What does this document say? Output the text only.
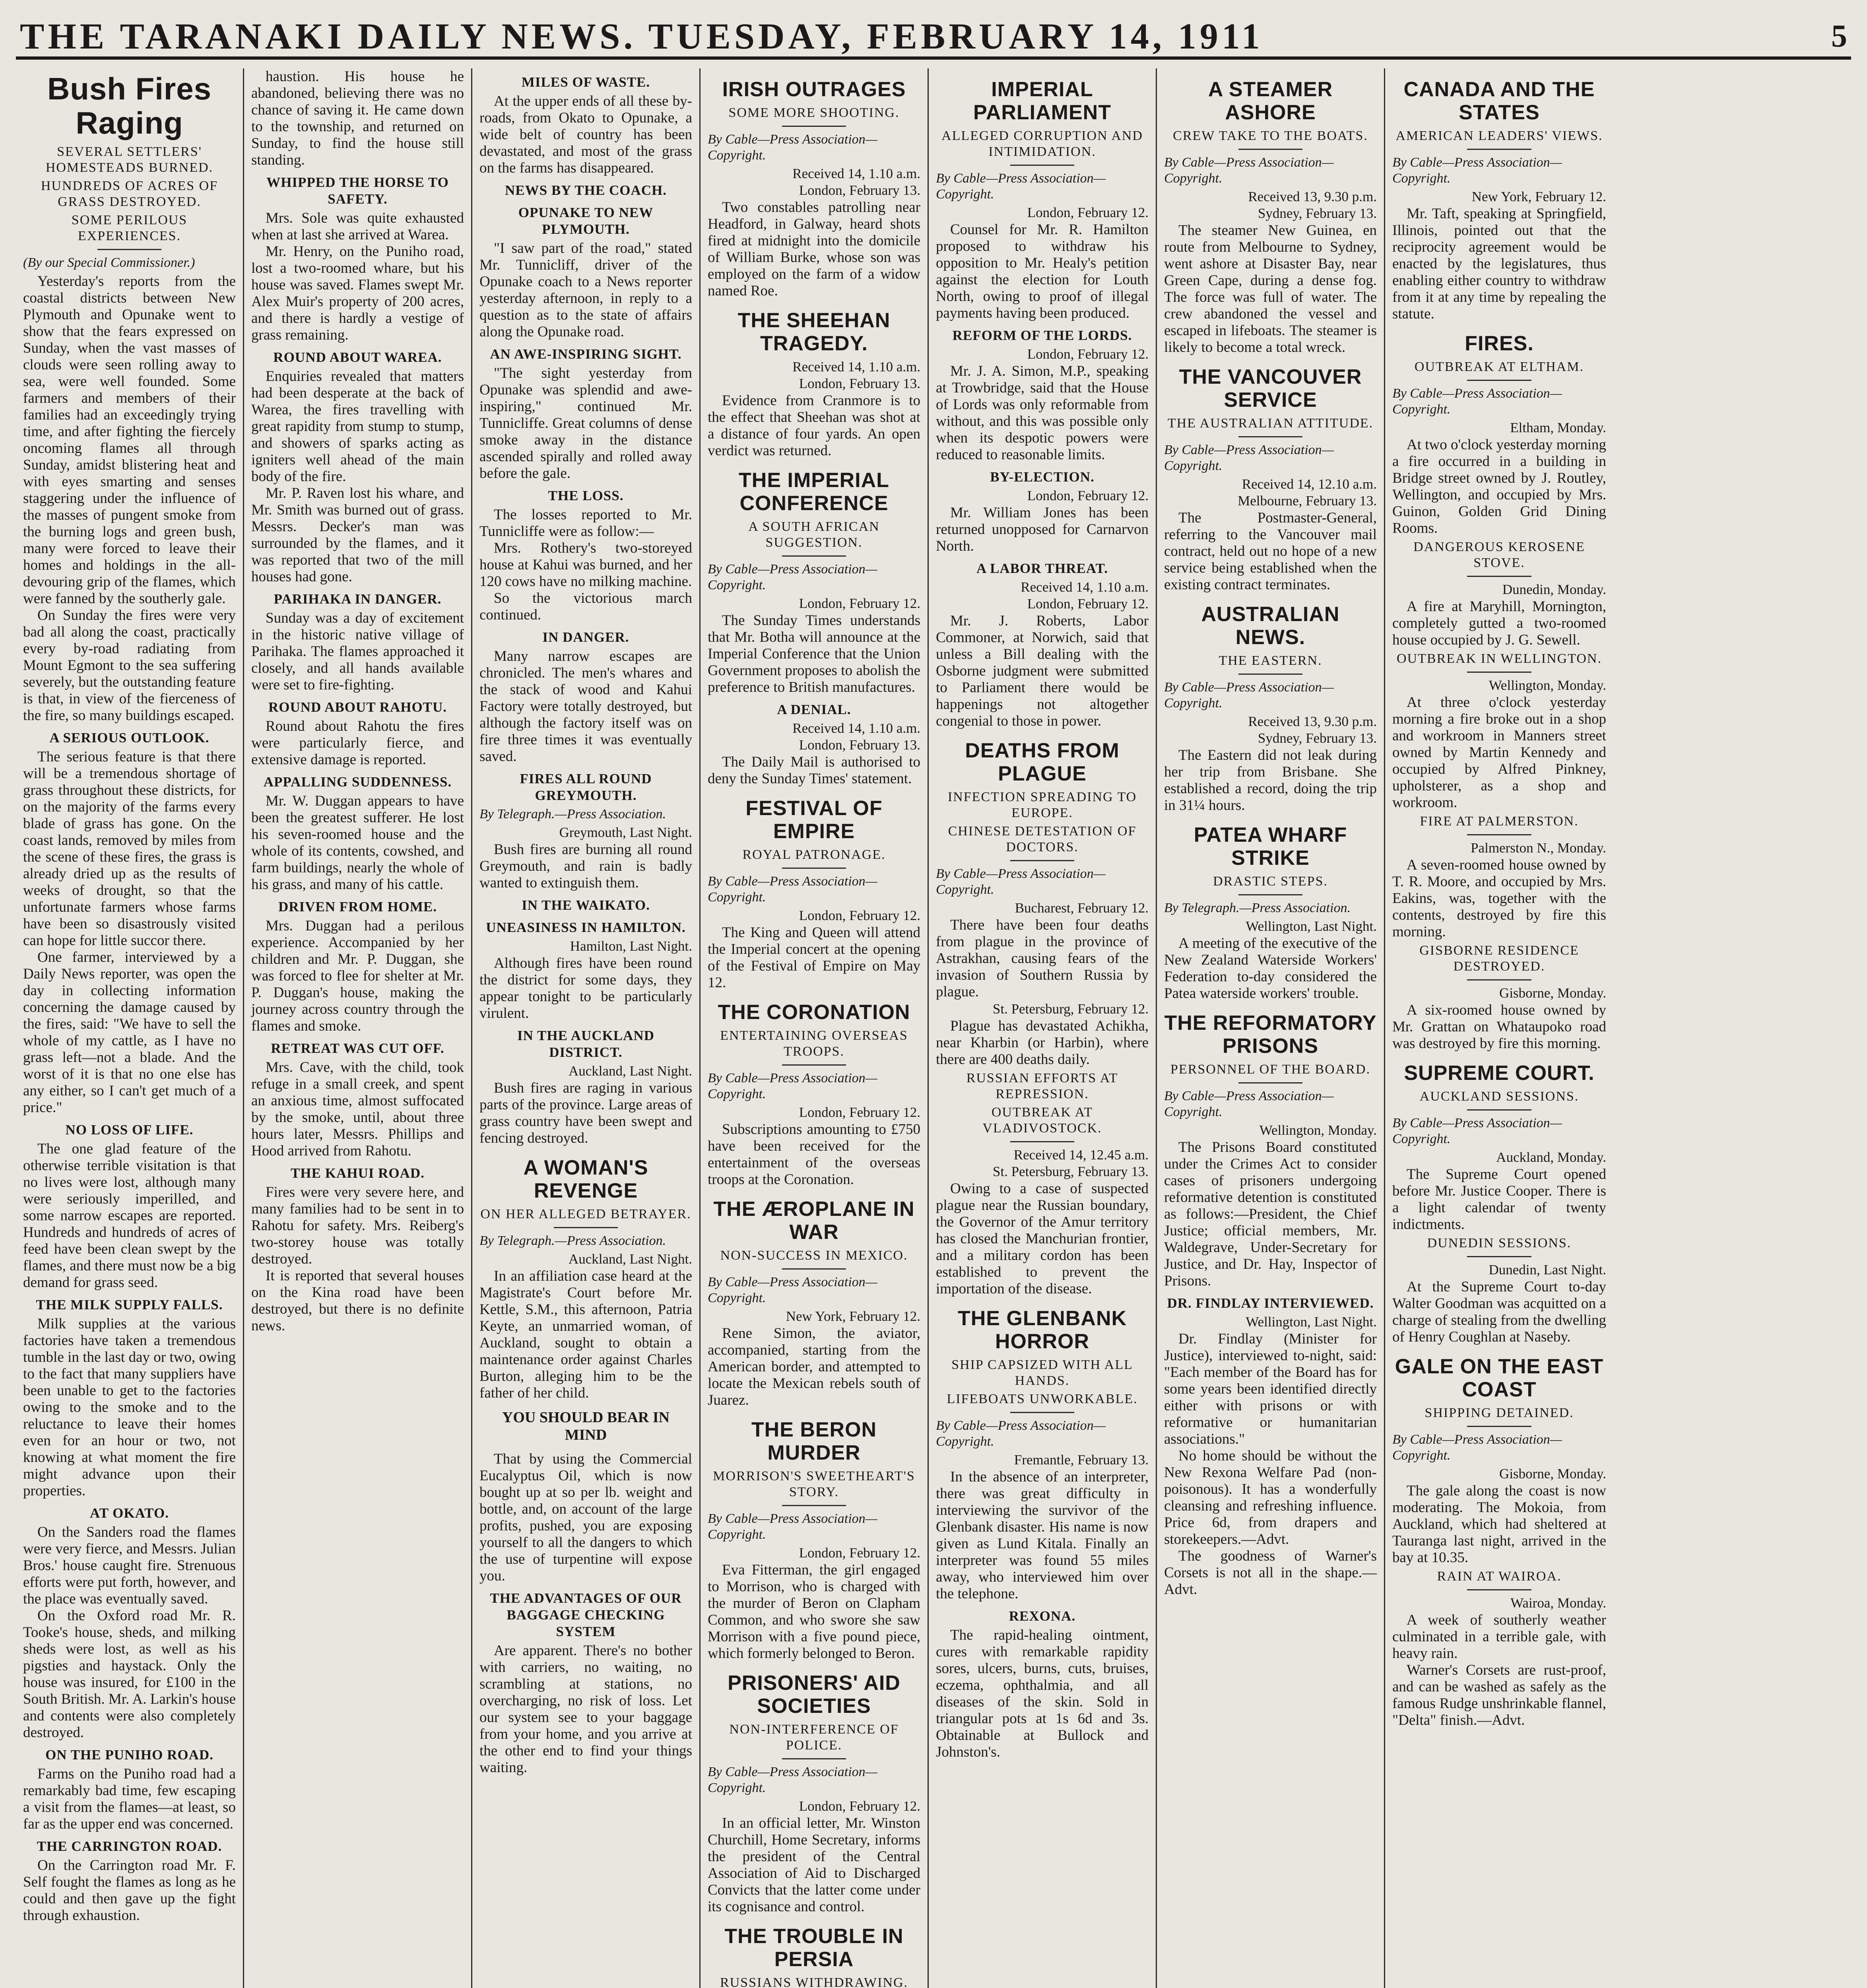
THE TARANAKI DAILY NEWS. TUESDAY, FEBRUARY 14, 1911	5
Bush Fires Raging
SEVERAL SETTLERS' HOMESTEADS BURNED.
HUNDREDS OF ACRES OF GRASS DESTROYED.
SOME PERILOUS EXPERIENCES.
(By our Special Commissioner.)

Yesterday's reports from the coastal districts between New Plymouth and Opunake went to show that the fears expressed on Sunday, when the vast masses of clouds were seen rolling away to sea, were well founded. Some farmers and members of their families had an exceedingly trying time, and after fighting the fiercely oncoming flames all through Sunday, amidst blistering heat and with eyes smarting and senses staggering under the influence of the masses of pungent smoke from the burning logs and green bush, many were forced to leave their homes and holdings in the all-devouring grip of the flames, which were fanned by the southerly gale.

On Sunday the fires were very bad all along the coast, practically every by-road radiating from Mount Egmont to the sea suffering severely, but the outstanding feature is that, in view of the fierceness of the fire, so many buildings escaped.

A SERIOUS OUTLOOK.

The serious feature is that there will be a tremendous shortage of grass throughout these districts, for on the majority of the farms every blade of grass has gone. On the coast lands, removed by miles from the scene of these fires, the grass is already dried up as the results of weeks of drought, so that the unfortunate farmers whose farms have been so disastrously visited can hope for little succor there.

One farmer, interviewed by a Daily News reporter, was open the day in collecting information concerning the damage caused by the fires, said: "We have to sell the whole of my cattle, as I have no grass left—not a blade. And the worst of it is that no one else has any either, so I can't get much of a price."

NO LOSS OF LIFE.

The one glad feature of the otherwise terrible visitation is that no lives were lost, although many were seriously imperilled, and some narrow escapes are reported. Hundreds and hundreds of acres of feed have been clean swept by the flames, and there must now be a big demand for grass seed.

THE MILK SUPPLY FALLS.

Milk supplies at the various factories have taken a tremendous tumble in the last day or two, owing to the fact that many suppliers have been unable to get to the factories owing to the smoke and to the reluctance to leave their homes even for an hour or two, not knowing at what moment the fire might advance upon their properties.

AT OKATO.

On the Sanders road the flames were very fierce, and Messrs. Julian Bros.' house caught fire. Strenuous efforts were put forth, however, and the place was eventually saved.

On the Oxford road Mr. R. Tooke's house, sheds, and milking sheds were lost, as well as his pigsties and haystack. Only the house was insured, for £100 in the South British. Mr. A. Larkin's house and contents were also completely destroyed.

ON THE PUNIHO ROAD.

Farms on the Puniho road had a remarkably bad time, few escaping a visit from the flames—at least, so far as the upper end was concerned.

THE CARRINGTON ROAD.

On the Carrington road Mr. F. Self fought the flames as long as he could and then gave up the fight through exhaustion.

haustion. His house he abandoned, believing there was no chance of saving it. He came down to the township, and returned on Sunday, to find the house still standing.

WHIPPED THE HORSE TO SAFETY.

Mrs. Sole was quite exhausted when at last she arrived at Warea.

Mr. Henry, on the Puniho road, lost a two-roomed whare, but his house was saved. Flames swept Mr. Alex Muir's property of 200 acres, and there is hardly a vestige of grass remaining.

ROUND ABOUT WAREA.

Enquiries revealed that matters had been desperate at the back of Warea, the fires travelling with great rapidity from stump to stump, and showers of sparks acting as igniters well ahead of the main body of the fire.

Mr. P. Raven lost his whare, and Mr. Smith was burned out of grass. Messrs. Decker's man was surrounded by the flames, and it was reported that two of the mill houses had gone.

PARIHAKA IN DANGER.

Sunday was a day of excitement in the historic native village of Parihaka. The flames approached it closely, and all hands available were set to fire-fighting.

ROUND ABOUT RAHOTU.

Round about Rahotu the fires were particularly fierce, and extensive damage is reported.

APPALLING SUDDENNESS.

Mr. W. Duggan appears to have been the greatest sufferer. He lost his seven-roomed house and the whole of its contents, cowshed, and farm buildings, nearly the whole of his grass, and many of his cattle.

DRIVEN FROM HOME.

Mrs. Duggan had a perilous experience. Accompanied by her children and Mr. P. Duggan, she was forced to flee for shelter at Mr. P. Duggan's house, making the journey across country through the flames and smoke.

RETREAT WAS CUT OFF.

Mrs. Cave, with the child, took refuge in a small creek, and spent an anxious time, almost suffocated by the smoke, until, about three hours later, Messrs. Phillips and Hood arrived from Rahotu.

THE KAHUI ROAD.

Fires were very severe here, and many families had to be sent in to Rahotu for safety. Mrs. Reiberg's two-storey house was totally destroyed.

It is reported that several houses on the Kina road have been destroyed, but there is no definite news.

MILES OF WASTE.

At the upper ends of all these by-roads, from Okato to Opunake, a wide belt of country has been devastated, and most of the grass on the farms has disappeared.

NEWS BY THE COACH.
OPUNAKE TO NEW PLYMOUTH.

"I saw part of the road," stated Mr. Tunnicliff, driver of the Opunake coach to a News reporter yesterday afternoon, in reply to a question as to the state of affairs along the Opunake road.

AN AWE-INSPIRING SIGHT.

"The sight yesterday from Opunake was splendid and awe-inspiring," continued Mr. Tunnicliffe. Great columns of dense smoke away in the distance ascended spirally and rolled away before the gale.

THE LOSS.

The losses reported to Mr. Tunnicliffe were as follow:—

Mrs. Rothery's two-storeyed house at Kahui was burned, and her 120 cows have no milking machine.

So the victorious march continued.

IN DANGER.

Many narrow escapes are chronicled. The men's whares and the stack of wood and Kahui Factory were totally destroyed, but although the factory itself was on fire three times it was eventually saved.

FIRES ALL ROUND GREYMOUTH.
By Telegraph.—Press Association.
Greymouth, Last Night.

Bush fires are burning all round Greymouth, and rain is badly wanted to extinguish them.

IN THE WAIKATO.
UNEASINESS IN HAMILTON.
Hamilton, Last Night.

Although fires have been round the district for some days, they appear tonight to be particularly virulent.

IN THE AUCKLAND DISTRICT.
Auckland, Last Night.

Bush fires are raging in various parts of the province. Large areas of grass country have been swept and fencing destroyed.

A WOMAN'S REVENGE
ON HER ALLEGED BETRAYER.
By Telegraph.—Press Association.
Auckland, Last Night.

In an affiliation case heard at the Magistrate's Court before Mr. Kettle, S.M., this afternoon, Patria Keyte, an unmarried woman, of Auckland, sought to obtain a maintenance order against Charles Burton, alleging him to be the father of her child.

YOU SHOULD BEAR IN MIND

That by using the Commercial Eucalyptus Oil, which is now bought up at so per lb. weight and bottle, and, on account of the large profits, pushed, you are exposing yourself to all the dangers to which the use of turpentine will expose you.

THE ADVANTAGES OF OUR BAGGAGE CHECKING SYSTEM

Are apparent. There's no bother with carriers, no waiting, no scrambling at stations, no overcharging, no risk of loss. Let our system see to your baggage from your home, and you arrive at the other end to find your things waiting.

IRISH OUTRAGES
SOME MORE SHOOTING.
By Cable—Press Association—Copyright.
Received 14, 1.10 a.m.
London, February 13.

Two constables patrolling near Headford, in Galway, heard shots fired at midnight into the domicile of William Burke, whose son was employed on the farm of a widow named Roe.

THE SHEEHAN TRAGEDY.
Received 14, 1.10 a.m.
London, February 13.

Evidence from Cranmore is to the effect that Sheehan was shot at a distance of four yards. An open verdict was returned.

THE IMPERIAL CONFERENCE
A SOUTH AFRICAN SUGGESTION.
By Cable—Press Association—Copyright.
London, February 12.

The Sunday Times understands that Mr. Botha will announce at the Imperial Conference that the Union Government proposes to abolish the preference to British manufactures.

A DENIAL.
Received 14, 1.10 a.m.
London, February 13.

The Daily Mail is authorised to deny the Sunday Times' statement.

FESTIVAL OF EMPIRE
ROYAL PATRONAGE.
By Cable—Press Association—Copyright.
London, February 12.

The King and Queen will attend the Imperial concert at the opening of the Festival of Empire on May 12.

THE CORONATION
ENTERTAINING OVERSEAS TROOPS.
By Cable—Press Association—Copyright.
London, February 12.

Subscriptions amounting to £750 have been received for the entertainment of the overseas troops at the Coronation.

THE ÆROPLANE IN WAR
NON-SUCCESS IN MEXICO.
By Cable—Press Association—Copyright.
New York, February 12.

Rene Simon, the aviator, accompanied, starting from the American border, and attempted to locate the Mexican rebels south of Juarez.

THE BERON MURDER
MORRISON'S SWEETHEART'S STORY.
By Cable—Press Association—Copyright.
London, February 12.

Eva Fitterman, the girl engaged to Morrison, who is charged with the murder of Beron on Clapham Common, and who swore she saw Morrison with a five pound piece, which formerly belonged to Beron.

PRISONERS' AID SOCIETIES
NON-INTERFERENCE OF POLICE.
By Cable—Press Association—Copyright.
London, February 12.

In an official letter, Mr. Winston Churchill, Home Secretary, informs the president of the Central Association of Aid to Discharged Convicts that the latter come under its cognisance and control.

THE TROUBLE IN PERSIA
RUSSIANS WITHDRAWING.

IMPERIAL PARLIAMENT
ALLEGED CORRUPTION AND INTIMIDATION.
By Cable—Press Association—Copyright.
London, February 12.

Counsel for Mr. R. Hamilton proposed to withdraw his opposition to Mr. Healy's petition against the election for Louth North, owing to proof of illegal payments having been produced.

REFORM OF THE LORDS.
London, February 12.

Mr. J. A. Simon, M.P., speaking at Trowbridge, said that the House of Lords was only reformable from without, and this was possible only when its despotic powers were reduced to reasonable limits.

BY-ELECTION.
London, February 12.

Mr. William Jones has been returned unopposed for Carnarvon North.

A LABOR THREAT.
Received 14, 1.10 a.m.
London, February 12.

Mr. J. Roberts, Labor Commoner, at Norwich, said that unless a Bill dealing with the Osborne judgment were submitted to Parliament there would be happenings not altogether congenial to those in power.

DEATHS FROM PLAGUE
INFECTION SPREADING TO EUROPE.
CHINESE DETESTATION OF DOCTORS.
By Cable—Press Association—Copyright.
Bucharest, February 12.

There have been four deaths from plague in the province of Astrakhan, causing fears of the invasion of Southern Russia by plague.

St. Petersburg, February 12.

Plague has devastated Achikha, near Kharbin (or Harbin), where there are 400 deaths daily.

RUSSIAN EFFORTS AT REPRESSION.
OUTBREAK AT VLADIVOSTOCK.
Received 14, 12.45 a.m.
St. Petersburg, February 13.

Owing to a case of suspected plague near the Russian boundary, the Governor of the Amur territory has closed the Manchurian frontier, and a military cordon has been established to prevent the importation of the disease.

THE GLENBANK HORROR
SHIP CAPSIZED WITH ALL HANDS.
LIFEBOATS UNWORKABLE.
By Cable—Press Association—Copyright.
Fremantle, February 13.

In the absence of an interpreter, there was great difficulty in interviewing the survivor of the Glenbank disaster. His name is now given as Lund Kitala. Finally an interpreter was found 55 miles away, who interviewed him over the telephone.

REXONA.

The rapid-healing ointment, cures with remarkable rapidity sores, ulcers, burns, cuts, bruises, eczema, ophthalmia, and all diseases of the skin. Sold in triangular pots at 1s 6d and 3s. Obtainable at Bullock and Johnston's.

A STEAMER ASHORE
CREW TAKE TO THE BOATS.
By Cable—Press Association—Copyright.
Received 13, 9.30 p.m.
Sydney, February 13.

The steamer New Guinea, en route from Melbourne to Sydney, went ashore at Disaster Bay, near Green Cape, during a dense fog. The force was full of water. The crew abandoned the vessel and escaped in lifeboats. The steamer is likely to become a total wreck.

THE VANCOUVER SERVICE
THE AUSTRALIAN ATTITUDE.
By Cable—Press Association—Copyright.
Received 14, 12.10 a.m.
Melbourne, February 13.

The Postmaster-General, referring to the Vancouver mail contract, held out no hope of a new service being established when the existing contract terminates.

AUSTRALIAN NEWS.
THE EASTERN.
By Cable—Press Association—Copyright.
Received 13, 9.30 p.m.
Sydney, February 13.

The Eastern did not leak during her trip from Brisbane. She established a record, doing the trip in 31¼ hours.

PATEA WHARF STRIKE
DRASTIC STEPS.
By Telegraph.—Press Association.
Wellington, Last Night.

A meeting of the executive of the New Zealand Waterside Workers' Federation to-day considered the Patea waterside workers' trouble.

THE REFORMATORY PRISONS
PERSONNEL OF THE BOARD.
By Cable—Press Association—Copyright.
Wellington, Monday.

The Prisons Board constituted under the Crimes Act to consider cases of prisoners undergoing reformative detention is constituted as follows:—President, the Chief Justice; official members, Mr. Waldegrave, Under-Secretary for Justice, and Dr. Hay, Inspector of Prisons.

DR. FINDLAY INTERVIEWED.
Wellington, Last Night.

Dr. Findlay (Minister for Justice), interviewed to-night, said: "Each member of the Board has for some years been identified directly either with prisons or with reformative or humanitarian associations."

No home should be without the New Rexona Welfare Pad (non-poisonous). It has a wonderfully cleansing and refreshing influence. Price 6d, from drapers and storekeepers.—Advt.

The goodness of Warner's Corsets is not all in the shape.—Advt.

CANADA AND THE STATES
AMERICAN LEADERS' VIEWS.
By Cable—Press Association—Copyright.
New York, February 12.

Mr. Taft, speaking at Springfield, Illinois, pointed out that the reciprocity agreement would be enacted by the legislatures, thus enabling either country to withdraw from it at any time by repealing the statute.

FIRES.
OUTBREAK AT ELTHAM.
By Cable—Press Association—Copyright.
Eltham, Monday.

At two o'clock yesterday morning a fire occurred in a building in Bridge street owned by J. Routley, Wellington, and occupied by Mrs. Guinon, Golden Grid Dining Rooms.

DANGEROUS KEROSENE STOVE.
Dunedin, Monday.

A fire at Maryhill, Mornington, completely gutted a two-roomed house occupied by J. G. Sewell.

OUTBREAK IN WELLINGTON.
Wellington, Monday.

At three o'clock yesterday morning a fire broke out in a shop and workroom in Manners street owned by Martin Kennedy and occupied by Alfred Pinkney, upholsterer, as a shop and workroom.

FIRE AT PALMERSTON.
Palmerston N., Monday.

A seven-roomed house owned by T. R. Moore, and occupied by Mrs. Eakins, was, together with the contents, destroyed by fire this morning.

GISBORNE RESIDENCE DESTROYED.
Gisborne, Monday.

A six-roomed house owned by Mr. Grattan on Whataupoko road was destroyed by fire this morning.

SUPREME COURT.
AUCKLAND SESSIONS.
By Cable—Press Association—Copyright.
Auckland, Monday.

The Supreme Court opened before Mr. Justice Cooper. There is a light calendar of twenty indictments.

DUNEDIN SESSIONS.
Dunedin, Last Night.

At the Supreme Court to-day Walter Goodman was acquitted on a charge of stealing from the dwelling of Henry Coughlan at Naseby.

GALE ON THE EAST COAST
SHIPPING DETAINED.
By Cable—Press Association—Copyright.
Gisborne, Monday.

The gale along the coast is now moderating. The Mokoia, from Auckland, which had sheltered at Tauranga last night, arrived in the bay at 10.35.

RAIN AT WAIROA.
Wairoa, Monday.

A week of southerly weather culminated in a terrible gale, with heavy rain.

Warner's Corsets are rust-proof, and can be washed as safely as the famous Rudge unshrinkable flannel, "Delta" finish.—Advt.
